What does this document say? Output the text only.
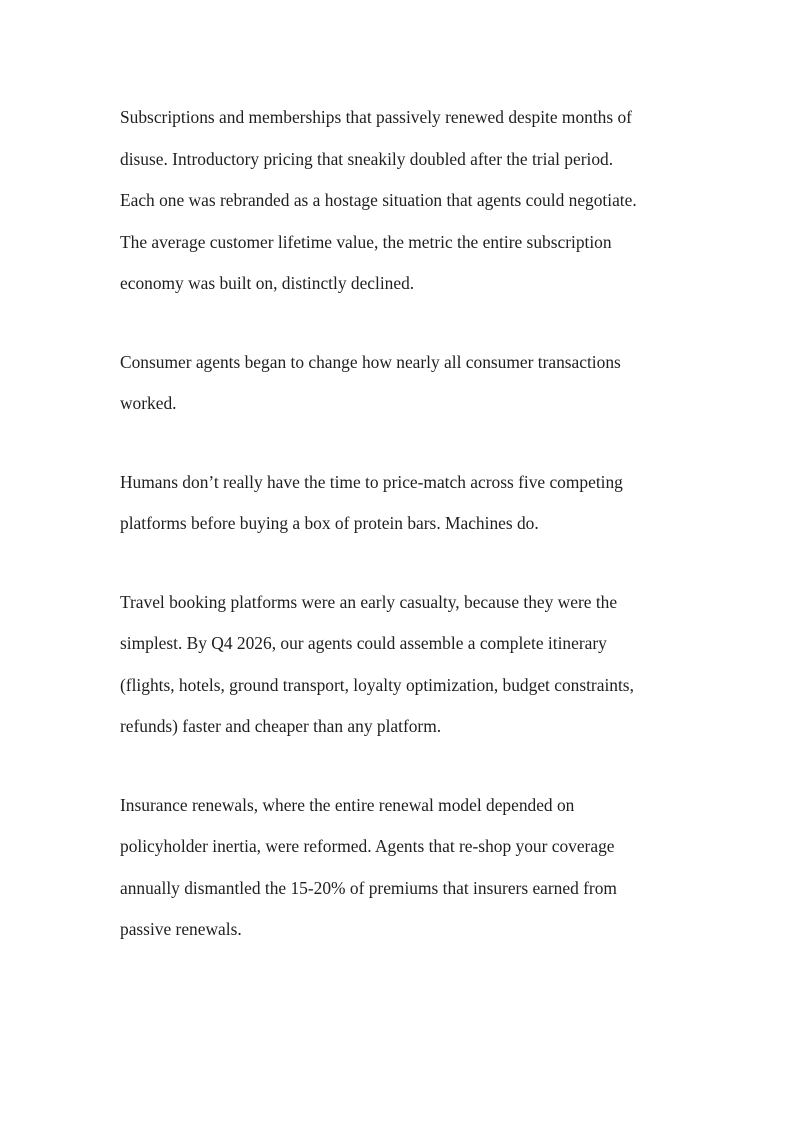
Subscriptions and memberships that passively renewed despite months of
disuse. Introductory pricing that sneakily doubled after the trial period.
Each one was rebranded as a hostage situation that agents could negotiate.
The average customer lifetime value, the metric the entire subscription
economy was built on, distinctly declined.

Consumer agents began to change how nearly all consumer transactions
worked.

Humans don’t really have the time to price-match across five competing
platforms before buying a box of protein bars. Machines do.

Travel booking platforms were an early casualty, because they were the
simplest. By Q4 2026, our agents could assemble a complete itinerary
(flights, hotels, ground transport, loyalty optimization, budget constraints,
refunds) faster and cheaper than any platform.

Insurance renewals, where the entire renewal model depended on
policyholder inertia, were reformed. Agents that re-shop your coverage
annually dismantled the 15-20% of premiums that insurers earned from
passive renewals.
